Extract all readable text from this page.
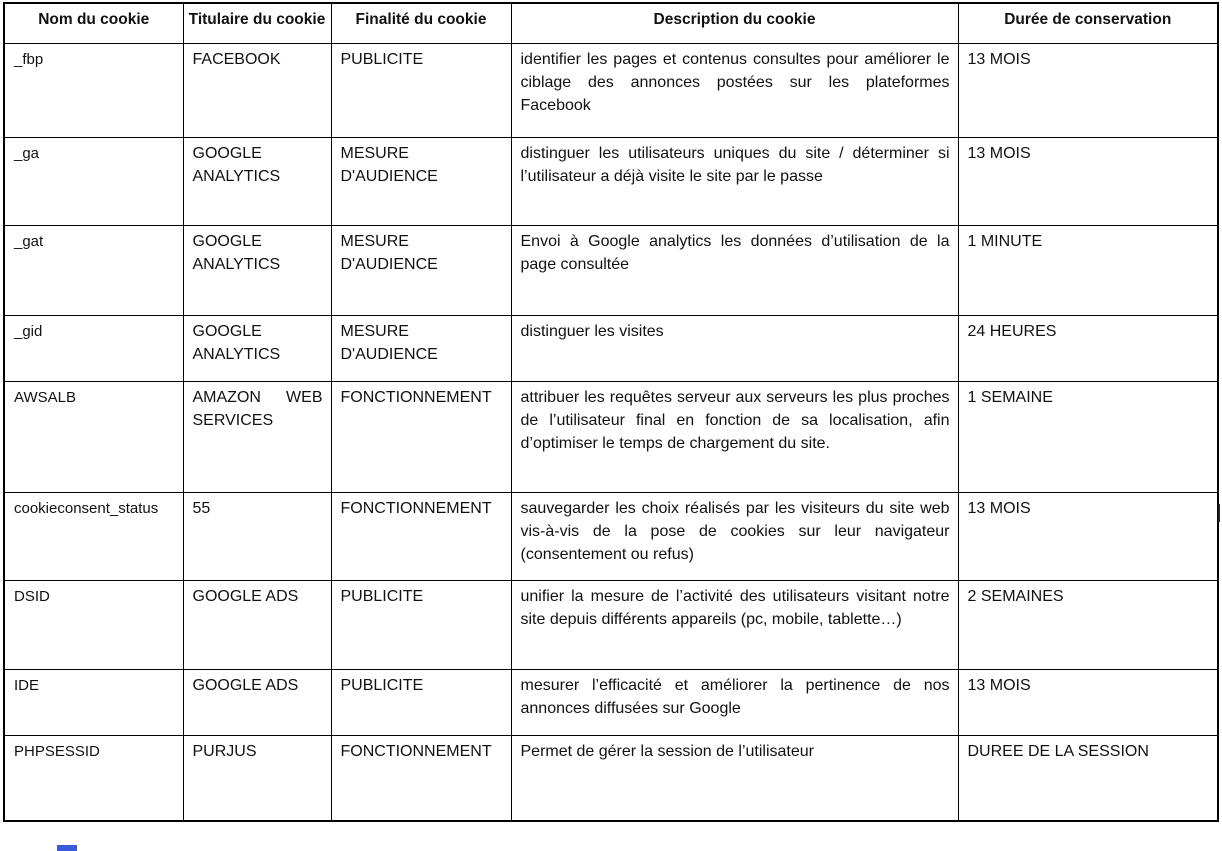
Nom du cookie	Titulaire du cookie	Finalité du cookie	Description du cookie	Durée de conservation
_fbp	FACEBOOK	PUBLICITE	identifier les pages et contenus consultes pour améliorer le ciblage des annonces postées sur les plateformes Facebook	13 MOIS
_ga	GOOGLE ANALYTICS	MESURE D'AUDIENCE	distinguer les utilisateurs uniques du site / déterminer si l’utilisateur a déjà visite le site par le passe	13 MOIS
_gat	GOOGLE ANALYTICS	MESURE D'AUDIENCE	Envoi à Google analytics les données d’utilisation de la page consultée	1 MINUTE
_gid	GOOGLE ANALYTICS	MESURE D'AUDIENCE	distinguer les visites	24 HEURES
AWSALB	AMAZON WEB SERVICES	FONCTIONNEMENT	attribuer les requêtes serveur aux serveurs les plus proches de l’utilisateur final en fonction de sa localisation, afin d’optimiser le temps de chargement du site.	1 SEMAINE
cookieconsent_status	55	FONCTIONNEMENT	sauvegarder les choix réalisés par les visiteurs du site web vis-à-vis de la pose de cookies sur leur navigateur (consentement ou refus)	13 MOIS
DSID	GOOGLE ADS	PUBLICITE	unifier la mesure de l’activité des utilisateurs visitant notre site depuis différents appareils (pc, mobile, tablette…)	2 SEMAINES
IDE	GOOGLE ADS	PUBLICITE	mesurer l’efficacité et améliorer la pertinence de nos annonces diffusées sur Google	13 MOIS
PHPSESSID	PURJUS	FONCTIONNEMENT	Permet de gérer la session de l’utilisateur	DUREE DE LA SESSION
